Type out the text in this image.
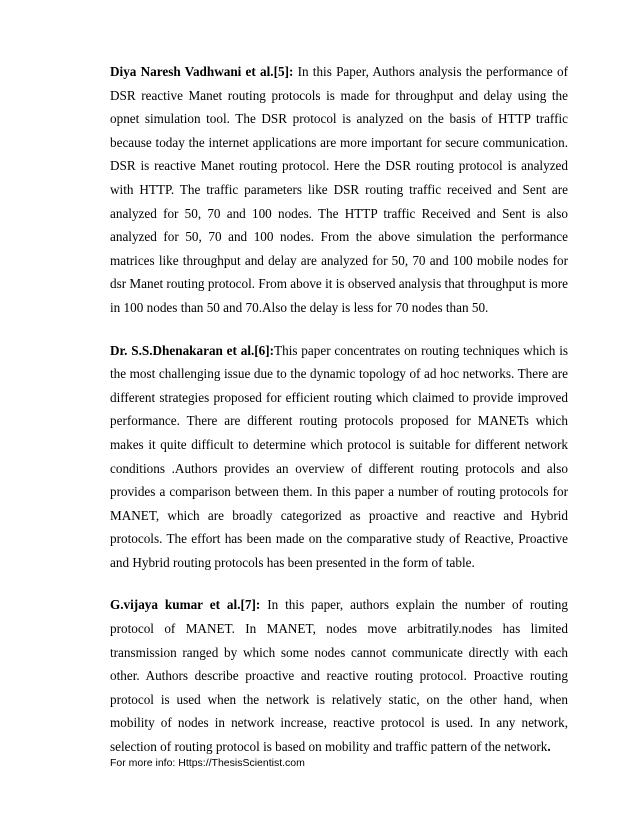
Diya Naresh Vadhwani et al.[5]: In this Paper, Authors analysis the performance of DSR reactive Manet routing protocols is made for throughput and delay using the opnet simulation tool. The DSR protocol is analyzed on the basis of HTTP traffic because today the internet applications are more important for secure communication. DSR is reactive Manet routing protocol. Here the DSR routing protocol is analyzed with HTTP. The traffic parameters like DSR routing traffic received and Sent are analyzed for 50, 70 and 100 nodes. The HTTP traffic Received and Sent is also analyzed for 50, 70 and 100 nodes. From the above simulation the performance matrices like throughput and delay are analyzed for 50, 70 and 100 mobile nodes for dsr Manet routing protocol. From above it is observed analysis that throughput is more in 100 nodes than 50 and 70.Also the delay is less for 70 nodes than 50.

Dr. S.S.Dhenakaran et al.[6]:This paper concentrates on routing techniques which is the most challenging issue due to the dynamic topology of ad hoc networks. There are different strategies proposed for efficient routing which claimed to provide improved performance. There are different routing protocols proposed for MANETs which makes it quite difficult to determine which protocol is suitable for different network conditions .Authors provides an overview of different routing protocols and also provides a comparison between them. In this paper a number of routing protocols for MANET, which are broadly categorized as proactive and reactive and Hybrid protocols. The effort has been made on the comparative study of Reactive, Proactive and Hybrid routing protocols has been presented in the form of table.

G.vijaya kumar et al.[7]: In this paper, authors explain the number of routing protocol of MANET. In MANET, nodes move arbitratily.nodes has limited transmission ranged by which some nodes cannot communicate directly with each other. Authors describe proactive and reactive routing protocol. Proactive routing protocol is used when the network is relatively static, on the other hand, when mobility of nodes in network increase, reactive protocol is used. In any network, selection of routing protocol is based on mobility and traffic pattern of the network.

For more info: Https://ThesisScientist.com
